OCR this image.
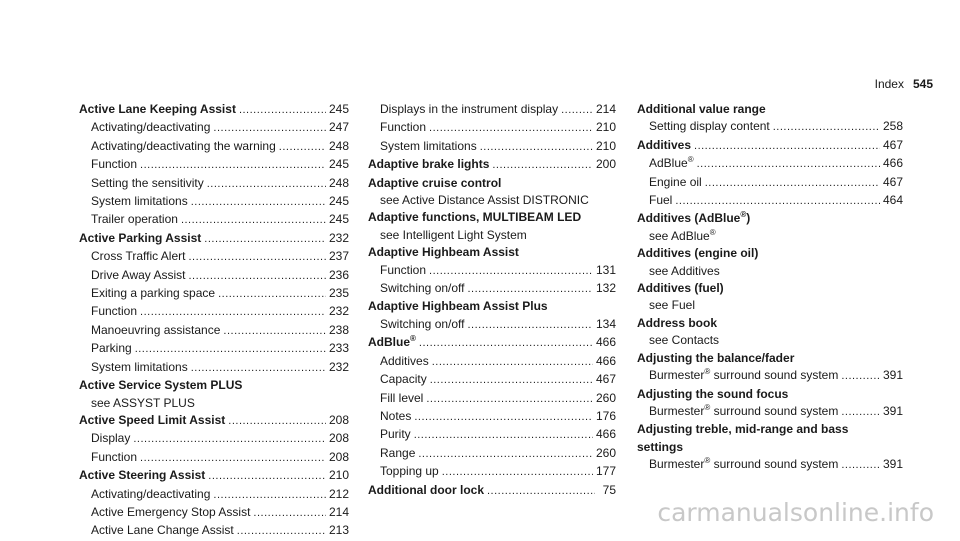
Index 545
Active Lane Keeping Assist .....	245
Activating/deactivating .....	247
Activating/deactivating the warning .....	248
Function .....	245
Setting the sensitivity .....	248
System limitations .....	245
Trailer operation .....	245
Active Parking Assist .....	232
Cross Traffic Alert .....	237
Drive Away Assist .....	236
Exiting a parking space .....	235
Function .....	232
Manoeuvring assistance .....	238
Parking .....	233
System limitations .....	232
Active Service System PLUS
see ASSYST PLUS
Active Speed Limit Assist .....	208
Display .....	208
Function .....	208
Active Steering Assist .....	210
Activating/deactivating .....	212
Active Emergency Stop Assist .....	214
Active Lane Change Assist .....	213
Displays in the instrument display .....	214
Function .....	210
System limitations .....	210
Adaptive brake lights .....	200
Adaptive cruise control
see Active Distance Assist DISTRONIC
Adaptive functions, MULTIBEAM LED
see Intelligent Light System
Adaptive Highbeam Assist
Function .....	131
Switching on/off .....	132
Adaptive Highbeam Assist Plus
Switching on/off .....	134
AdBlue® .....	466
Additives .....	466
Capacity .....	467
Fill level .....	260
Notes .....	176
Purity .....	466
Range .....	260
Topping up .....	177
Additional door lock .....	75
Additional value range
Setting display content .....	258
Additives .....	467
AdBlue® .....	466
Engine oil .....	467
Fuel .....	464
Additives (AdBlue®)
see AdBlue®
Additives (engine oil)
see Additives
Additives (fuel)
see Fuel
Address book
see Contacts
Adjusting the balance/fader
Burmester® surround sound system .....	391
Adjusting the sound focus
Burmester® surround sound system .....	391
Adjusting treble, mid-range and bass
settings
Burmester® surround sound system .....	391
carmanualsonline.info
